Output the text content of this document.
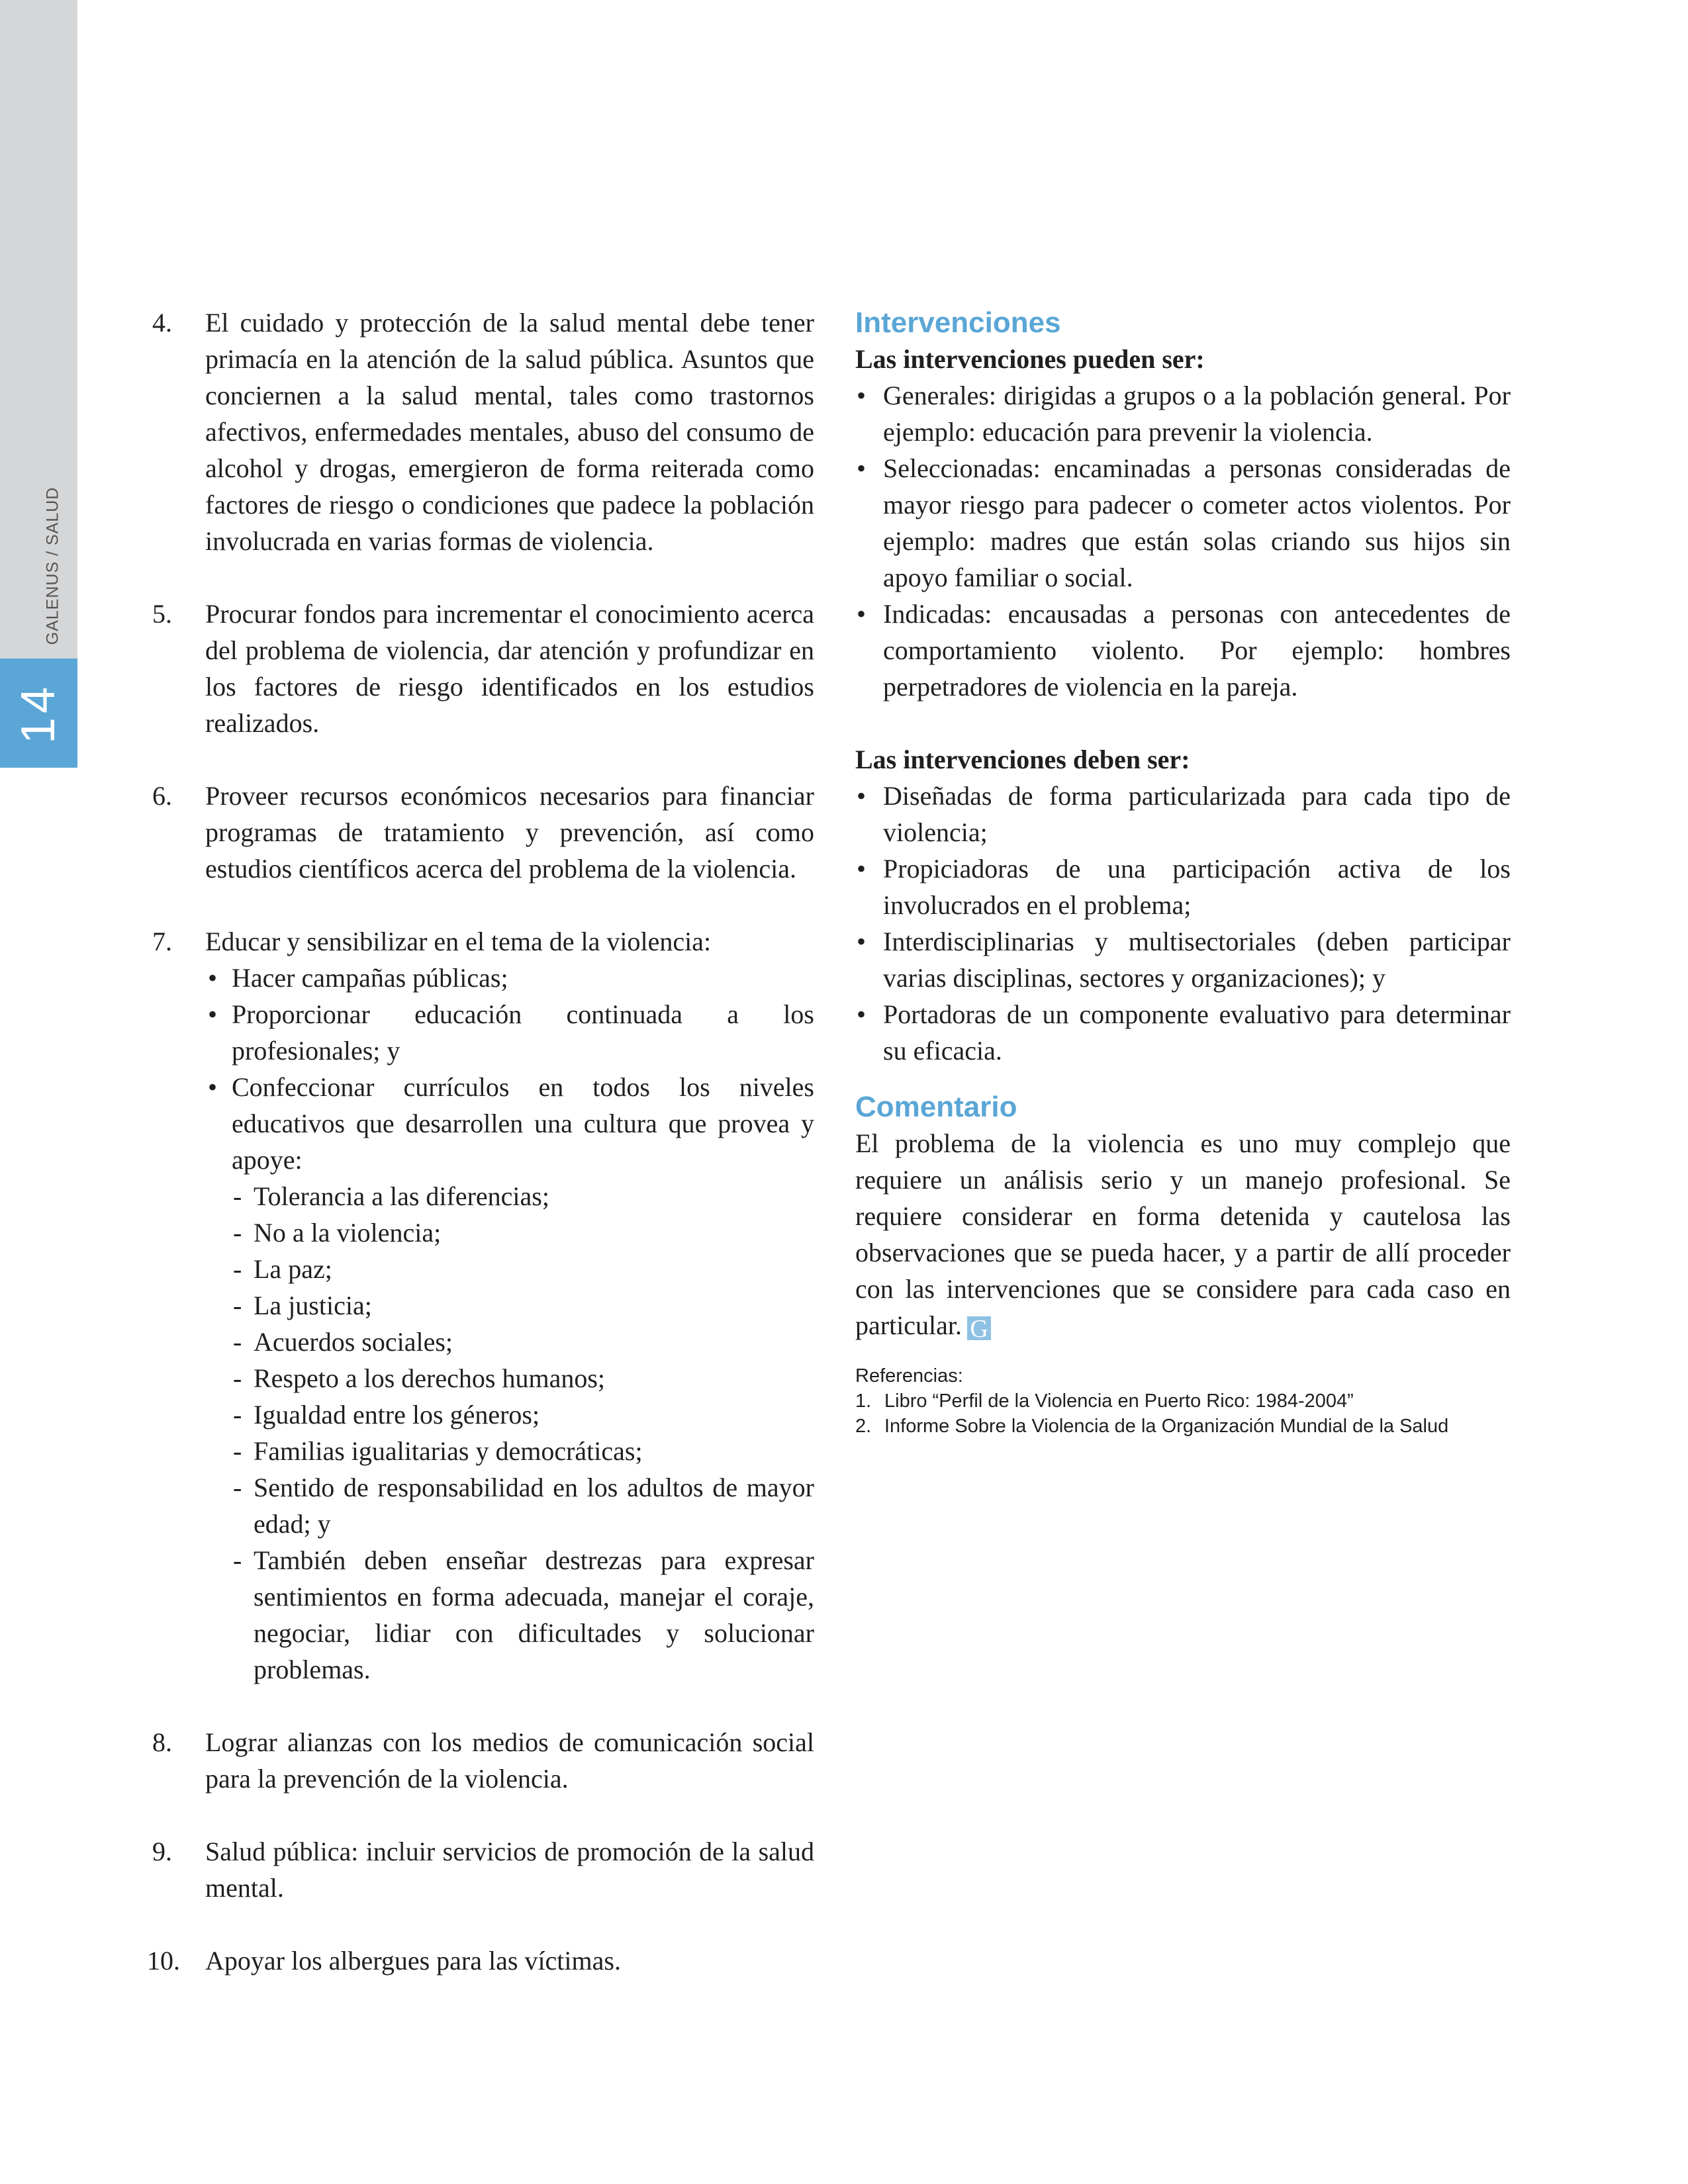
14
GALENUS / SALUD
4.	El cuidado y protección de la salud mental debe tener primacía en la atención de la salud pública. Asuntos que conciernen a la salud mental, tales como trastornos afectivos, enfermedades mentales, abuso del consumo de alcohol y drogas, emergieron de forma reiterada como factores de riesgo o condiciones que padece la población involucrada en varias formas de violencia.
5.	Procurar fondos para incrementar el conocimiento acerca del problema de violencia, dar atención y profundizar en los factores de riesgo identificados en los estudios realizados.
6.	Proveer recursos económicos necesarios para financiar programas de tratamiento y prevención, así como estudios científicos acerca del problema de la violencia.
7.	Educar y sensibilizar en el tema de la violencia:
• Hacer campañas públicas;
• Proporcionar educación continuada a los profesionales; y
• Confeccionar currículos en todos los niveles educativos que desarrollen una cultura que provea y apoye:
- Tolerancia a las diferencias;
- No a la violencia;
- La paz;
- La justicia;
- Acuerdos sociales;
- Respeto a los derechos humanos;
- Igualdad entre los géneros;
- Familias igualitarias y democráticas;
- Sentido de responsabilidad en los adultos de mayor edad; y
- También deben enseñar destrezas para expresar sentimientos en forma adecuada, manejar el coraje, negociar, lidiar con dificultades y solucionar problemas.
8.	Lograr alianzas con los medios de comunicación social para la prevención de la violencia.
9.	Salud pública: incluir servicios de promoción de la salud mental.
10. Apoyar los albergues para las víctimas.
Intervenciones

Las intervenciones pueden ser:

• Generales: dirigidas a grupos o a la población general. Por ejemplo: educación para prevenir la violencia.
• Seleccionadas: encaminadas a personas consideradas de mayor riesgo para padecer o cometer actos violentos. Por ejemplo: madres que están solas criando sus hijos sin apoyo familiar o social.
• Indicadas: encausadas a personas con antecedentes de comportamiento violento. Por ejemplo: hombres perpetradores de violencia en la pareja.

Las intervenciones deben ser:

• Diseñadas de forma particularizada para cada tipo de violencia;
• Propiciadoras de una participación activa de los involucrados en el problema;
• Interdisciplinarias y multisectoriales (deben participar varias disciplinas, sectores y organizaciones); y
• Portadoras de un componente evaluativo para determinar su eficacia.
Comentario

El problema de la violencia es uno muy complejo que requiere un análisis serio y un manejo profesional. Se requiere considerar en forma detenida y cautelosa las observaciones que se pueda hacer, y a partir de allí proceder con las intervenciones que se considere para cada caso en particular. G

Referencias:

1. Libro “Perfil de la Violencia en Puerto Rico: 1984-2004”
2. Informe Sobre la Violencia de la Organización Mundial de la Salud
